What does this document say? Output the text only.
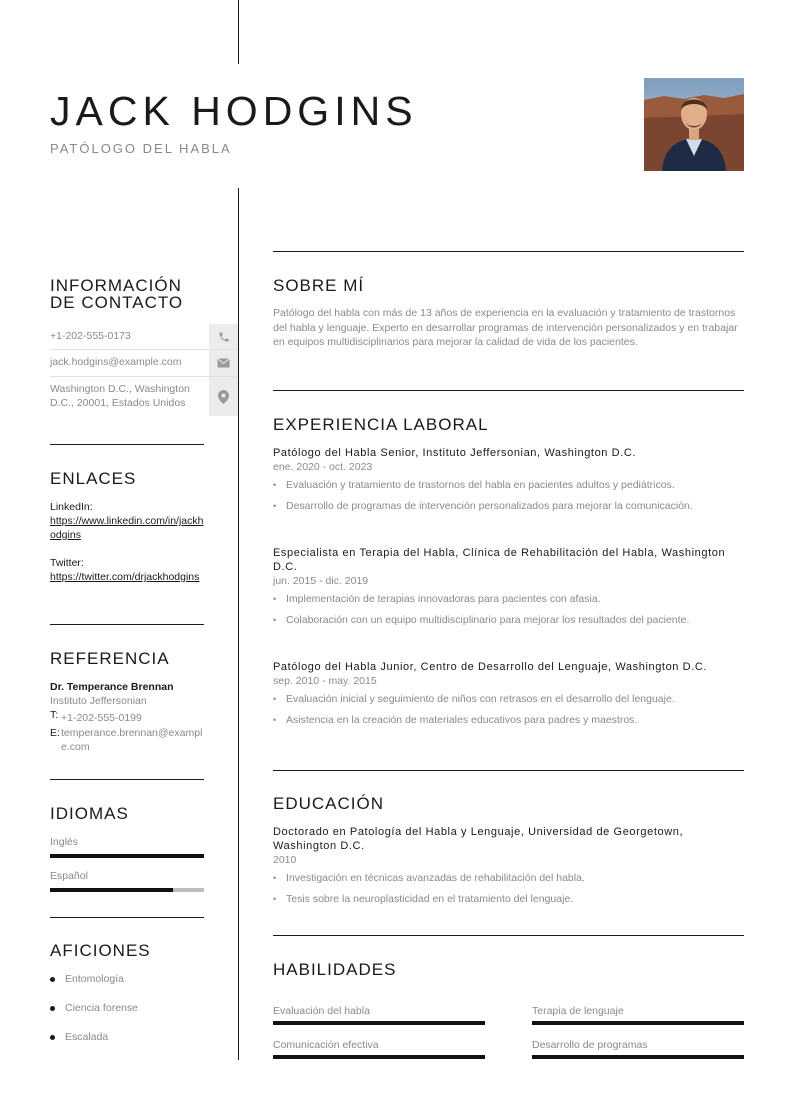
JACK HODGINS
PATÓLOGO DEL HABLA
INFORMACIÓN
DE CONTACTO
+1-202-555-0173
jack.hodgins@example.com
Washington D.C., Washington D.C., 20001, Estados Unidos
ENLACES
LinkedIn:
https://www.linkedin.com/in/jackhodgins
Twitter:
https://twitter.com/drjackhodgins
REFERENCIA
Dr. Temperance Brennan
Instituto Jeffersonian
T: +1-202-555-0199
E: temperance.brennan@example.com
IDIOMAS
Inglés
Español
AFICIONES
Entomología
Ciencia forense
Escalada
SOBRE MÍ
Patólogo del habla con más de 13 años de experiencia en la evaluación y tratamiento de trastornos del habla y lenguaje. Experto en desarrollar programas de intervención personalizados y en trabajar en equipos multidisciplinarios para mejorar la calidad de vida de los pacientes.
EXPERIENCIA LABORAL
Patólogo del Habla Senior, Instituto Jeffersonian, Washington D.C.
ene. 2020 - oct. 2023
• Evaluación y tratamiento de trastornos del habla en pacientes adultos y pediátricos.
• Desarrollo de programas de intervención personalizados para mejorar la comunicación.
Especialista en Terapia del Habla, Clínica de Rehabilitación del Habla, Washington D.C.
jun. 2015 - dic. 2019
• Implementación de terapias innovadoras para pacientes con afasia.
• Colaboración con un equipo multidisciplinario para mejorar los resultados del paciente.
Patólogo del Habla Junior, Centro de Desarrollo del Lenguaje, Washington D.C.
sep. 2010 - may. 2015
• Evaluación inicial y seguimiento de niños con retrasos en el desarrollo del lenguaje.
• Asistencia en la creación de materiales educativos para padres y maestros.
EDUCACIÓN
Doctorado en Patología del Habla y Lenguaje, Universidad de Georgetown, Washington D.C.
2010
• Investigación en técnicas avanzadas de rehabilitación del habla.
• Tesis sobre la neuroplasticidad en el tratamiento del lenguaje.
HABILIDADES
Evaluación del habla	Terapia de lenguaje
Comunicación efectiva	Desarrollo de programas
